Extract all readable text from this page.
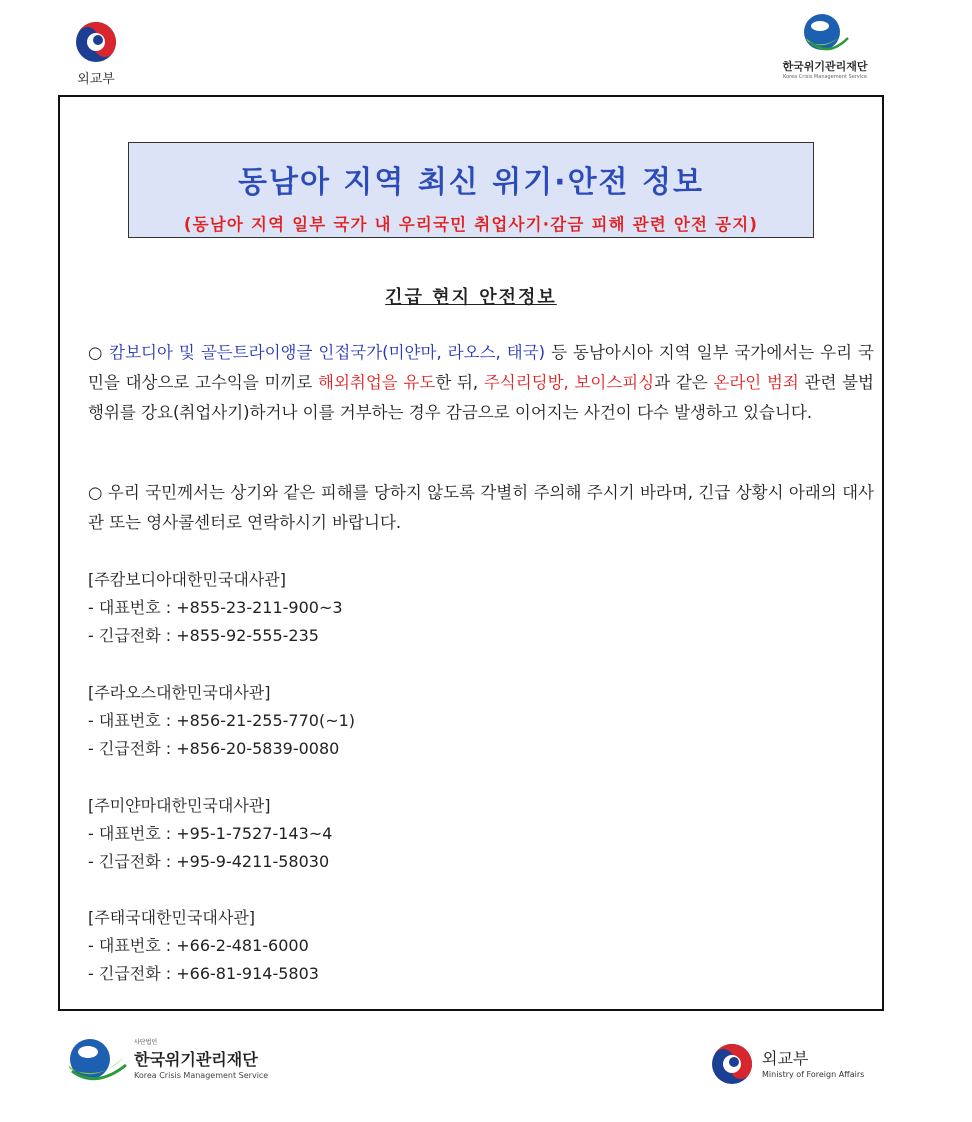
외교부
한국위기관리재단
Korea Crisis Management Service
동남아 지역 최신 위기·안전 정보
(동남아 지역 일부 국가 내 우리국민 취업사기·감금 피해 관련 안전 공지)
긴급 현지 안전정보
○ 캄보디아 및 골든트라이앵글 인접국가(미얀마, 라오스, 태국) 등 동남아시아 지역 일부 국가에서는 우리 국민을 대상으로 고수익을 미끼로 해외취업을 유도한 뒤, 주식리딩방, 보이스피싱과 같은 온라인 범죄 관련 불법행위를 강요(취업사기)하거나 이를 거부하는 경우 감금으로 이어지는 사건이 다수 발생하고 있습니다.
○ 우리 국민께서는 상기와 같은 피해를 당하지 않도록 각별히 주의해 주시기 바라며, 긴급 상황시 아래의 대사관 또는 영사콜센터로 연락하시기 바랍니다.
[주캄보디아대한민국대사관]
- 대표번호 : +855-23-211-900~3
- 긴급전화 : +855-92-555-235
[주라오스대한민국대사관]
- 대표번호 : +856-21-255-770(~1)
- 긴급전화 : +856-20-5839-0080
[주미얀마대한민국대사관]
- 대표번호 : +95-1-7527-143~4
- 긴급전화 : +95-9-4211-58030
[주태국대한민국대사관]
- 대표번호 : +66-2-481-6000
- 긴급전화 : +66-81-914-5803
사단법인
한국위기관리재단
Korea Crisis Management Service
외교부
Ministry of Foreign Affairs
